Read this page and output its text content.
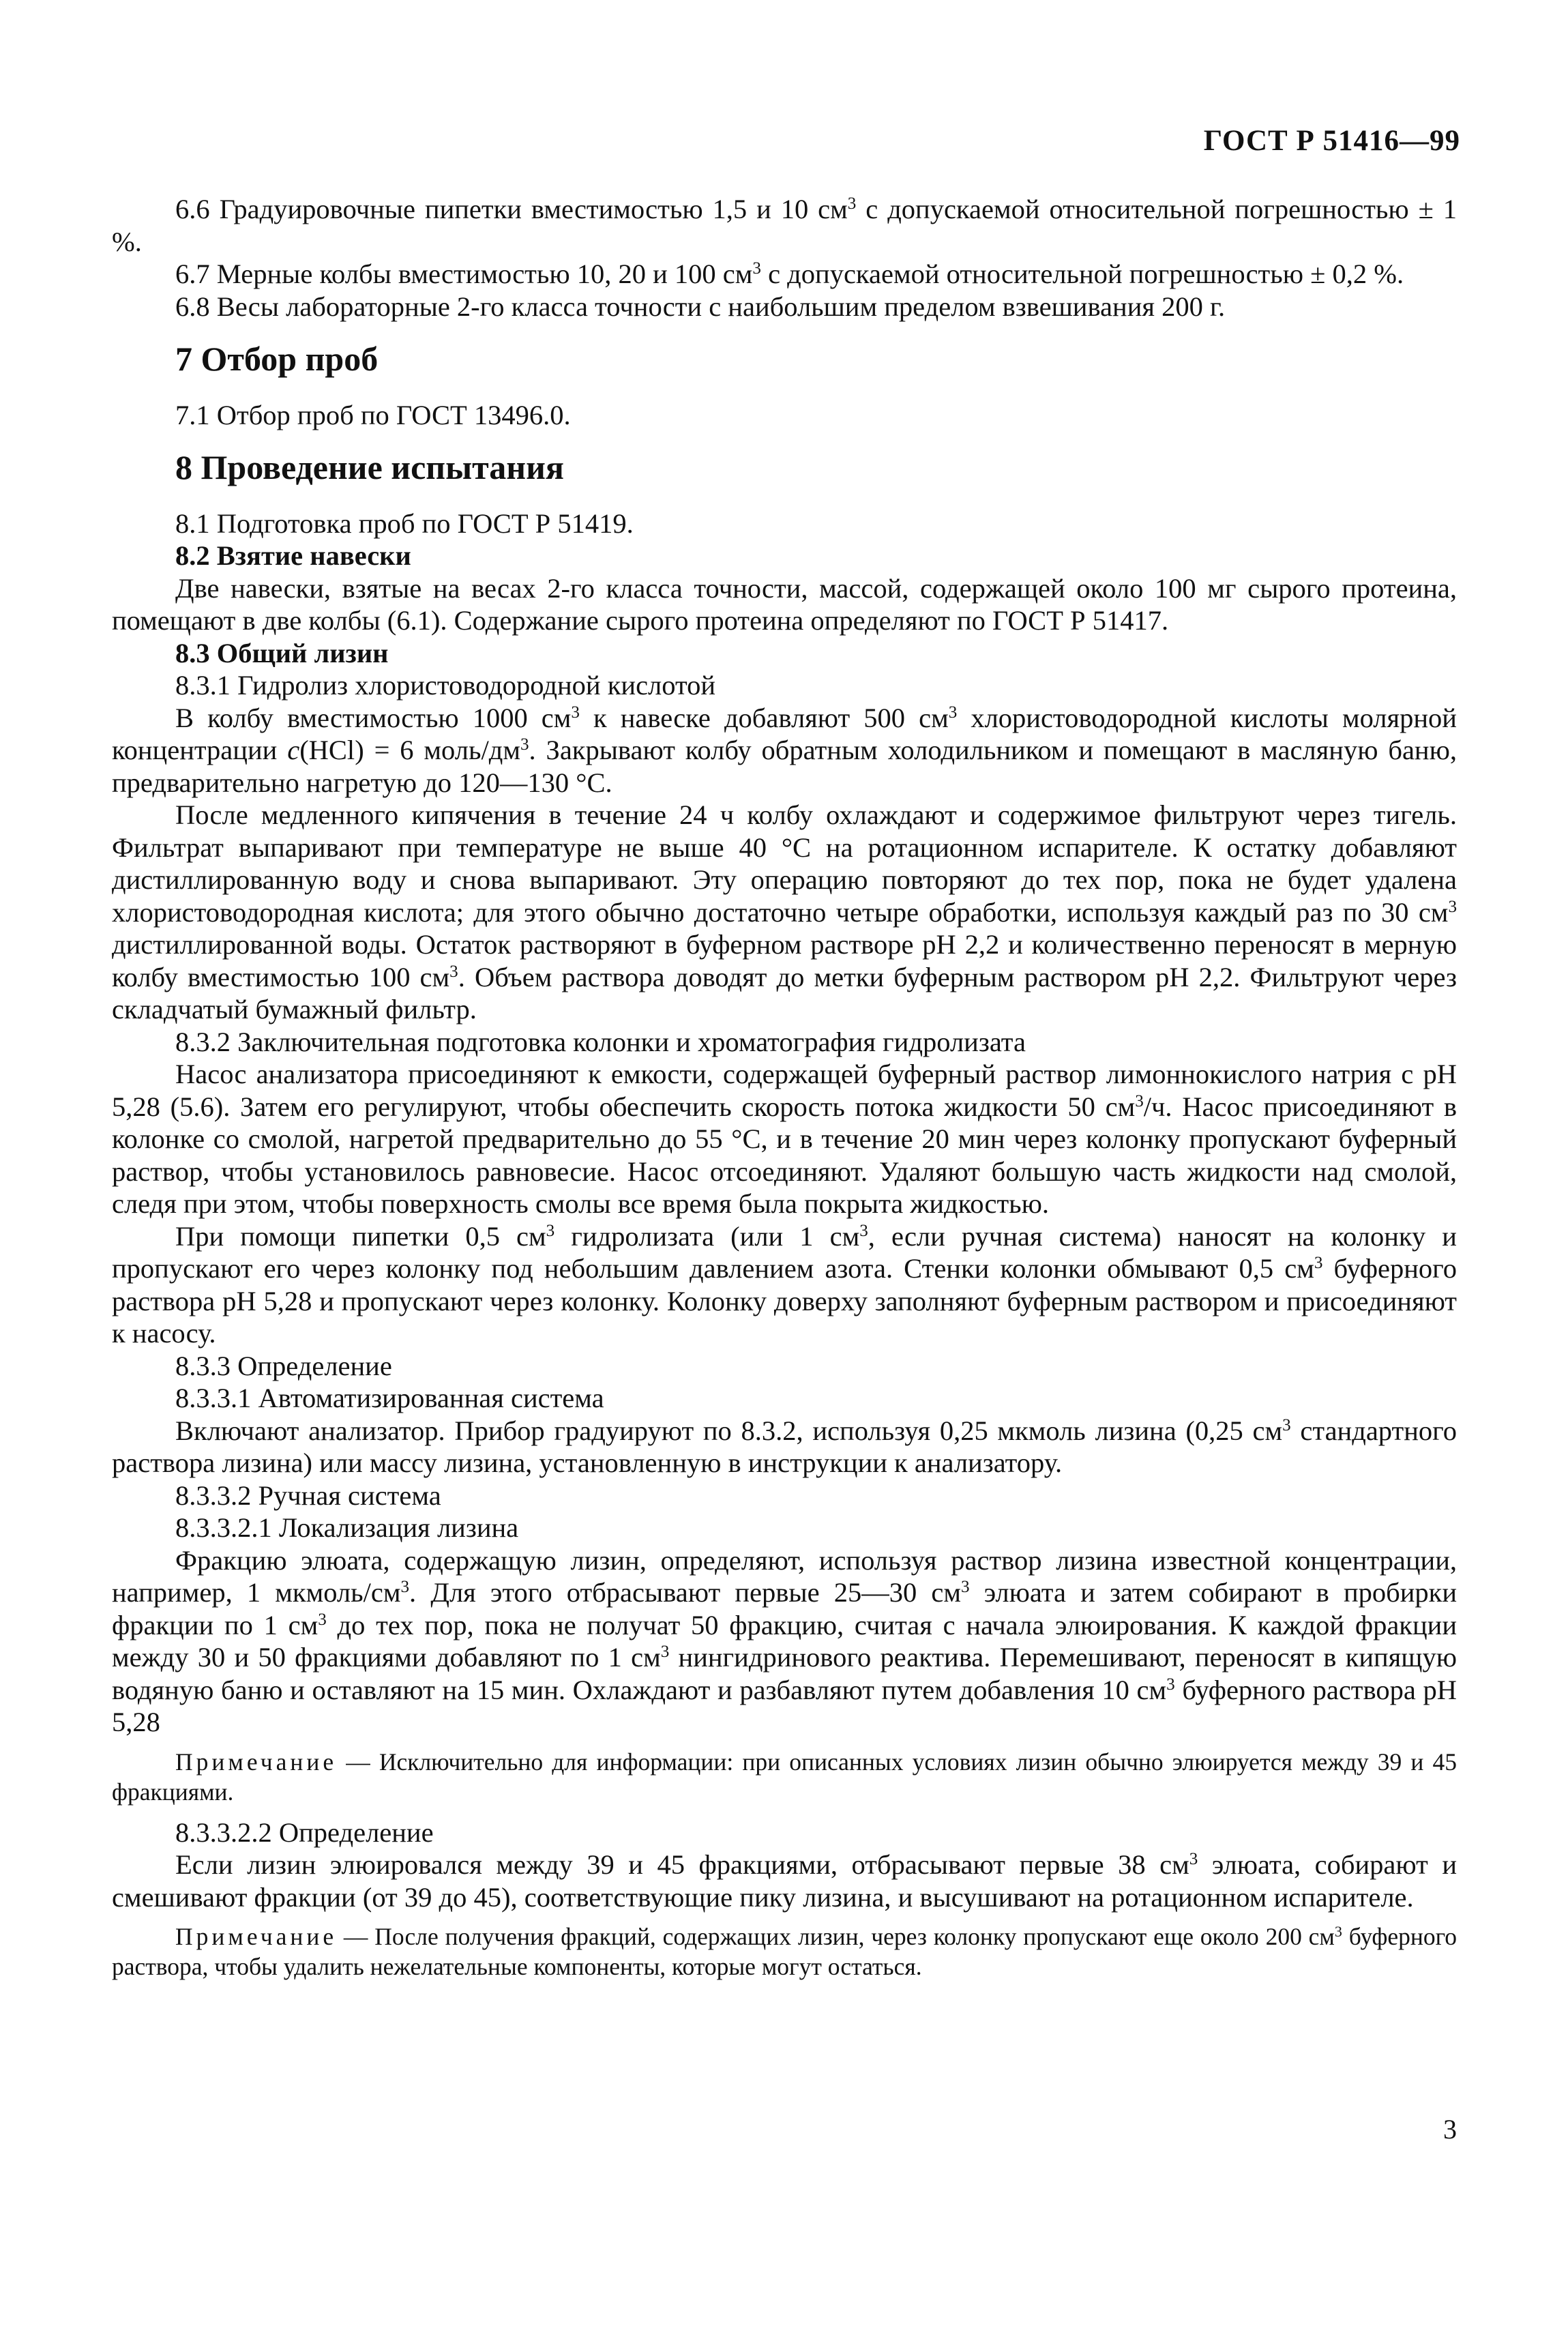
ГОСТ Р 51416—99

6.6 Градуировочные пипетки вместимостью 1,5 и 10 $см^3$ с допускаемой относительной погрешностью ± 1 %.

6.7 Мерные колбы вместимостью 10, 20 и 100 $см^3$ с допускаемой относительной погрешностью ± 0,2 %.

6.8 Весы лабораторные 2-го класса точности с наибольшим пределом взвешивания 200 г.

7 Отбор проб

7.1 Отбор проб по ГОСТ 13496.0.

8 Проведение испытания

8.1 Подготовка проб по ГОСТ Р 51419.

8.2 Взятие навески

Две навески, взятые на весах 2-го класса точности, массой, содержащей около 100 мг сырого протеина, помещают в две колбы (6.1). Содержание сырого протеина определяют по ГОСТ Р 51417.

8.3 Общий лизин

8.3.1 Гидролиз хлористоводородной кислотой

В колбу вместимостью 1000 $см^3$ к навеске добавляют 500 $см^3$ хлористоводородной кислоты молярной концентрации c(HCl) = 6 моль/$дм^3$. Закрывают колбу обратным холодильником и помещают в масляную баню, предварительно нагретую до 120—130 °С.

После медленного кипячения в течение 24 ч колбу охлаждают и содержимое фильтруют через тигель. Фильтрат выпаривают при температуре не выше 40 °С на ротационном испарителе. К остатку добавляют дистиллированную воду и снова выпаривают. Эту операцию повторяют до тех пор, пока не будет удалена хлористоводородная кислота; для этого обычно достаточно четыре обработки, используя каждый раз по 30 $см^3$ дистиллированной воды. Остаток растворяют в буферном растворе pH 2,2 и количественно переносят в мерную колбу вместимостью 100 $см^3$. Объем раствора доводят до метки буферным раствором pH 2,2. Фильтруют через складчатый бумажный фильтр.

8.3.2 Заключительная подготовка колонки и хроматография гидролизата

Насос анализатора присоединяют к емкости, содержащей буферный раствор лимоннокислого натрия с pH 5,28 (5.6). Затем его регулируют, чтобы обеспечить скорость потока жидкости 50 $см^3/ч$. Насос присоединяют в колонке со смолой, нагретой предварительно до 55 °С, и в течение 20 мин через колонку пропускают буферный раствор, чтобы установилось равновесие. Насос отсоединяют. Удаляют большую часть жидкости над смолой, следя при этом, чтобы поверхность смолы все время была покрыта жидкостью.

При помощи пипетки 0,5 $см^3$ гидролизата (или 1 $см^3$, если ручная система) наносят на колонку и пропускают его через колонку под небольшим давлением азота. Стенки колонки обмывают 0,5 $см^3$ буферного раствора pH 5,28 и пропускают через колонку. Колонку доверху заполняют буферным раствором и присоединяют к насосу.

8.3.3 Определение

8.3.3.1 Автоматизированная система

Включают анализатор. Прибор градуируют по 8.3.2, используя 0,25 мкмоль лизина (0,25 $см^3$ стандартного раствора лизина) или массу лизина, установленную в инструкции к анализатору.

8.3.3.2 Ручная система

8.3.3.2.1 Локализация лизина

Фракцию элюата, содержащую лизин, определяют, используя раствор лизина известной концентрации, например, 1 мкмоль/$см^3$. Для этого отбрасывают первые 25—30 $см^3$ элюата и затем собирают в пробирки фракции по 1 $см^3$ до тех пор, пока не получат 50 фракцию, считая с начала элюирования. К каждой фракции между 30 и 50 фракциями добавляют по 1 $см^3$ нингидринового реактива. Перемешивают, переносят в кипящую водяную баню и оставляют на 15 мин. Охлаждают и разбавляют путем добавления 10 $см^3$ буферного раствора pH 5,28

Примечание — Исключительно для информации: при описанных условиях лизин обычно элюируется между 39 и 45 фракциями.

8.3.3.2.2 Определение

Если лизин элюировался между 39 и 45 фракциями, отбрасывают первые 38 $см^3$ элюата, собирают и смешивают фракции (от 39 до 45), соответствующие пику лизина, и высушивают на ротационном испарителе.

Примечание — После получения фракций, содержащих лизин, через колонку пропускают еще около 200 $см^3$ буферного раствора, чтобы удалить нежелательные компоненты, которые могут остаться.

3
